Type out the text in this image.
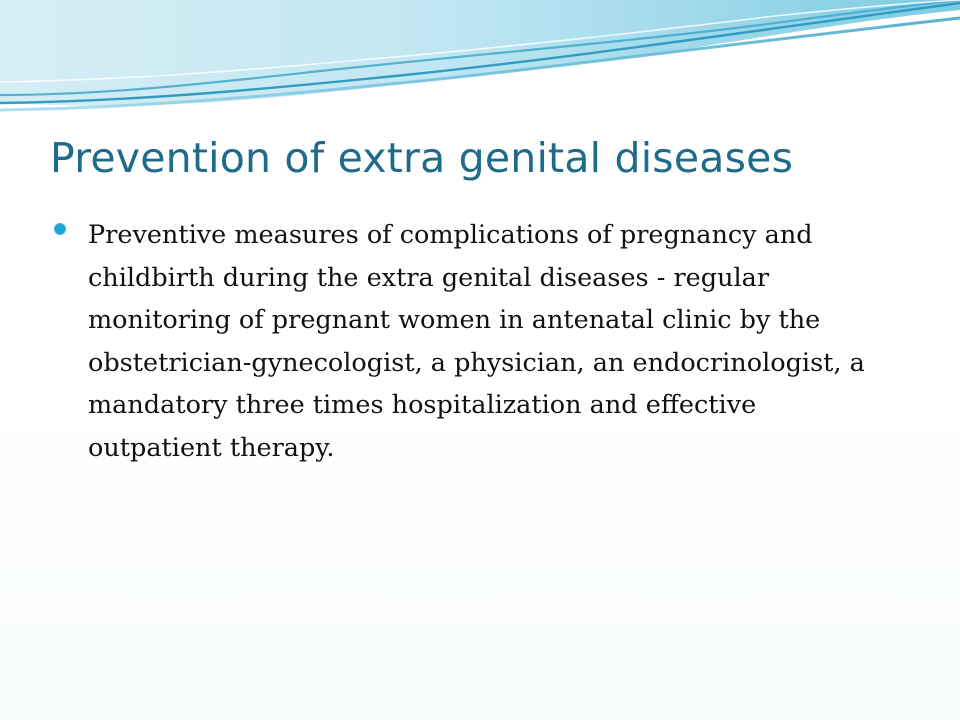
Prevention of extra genital diseases
Preventive measures of complications of pregnancy and childbirth during the extra genital diseases - regular monitoring of pregnant women in antenatal clinic by the obstetrician-gynecologist, a physician, an endocrinologist, a mandatory three times hospitalization and effective outpatient therapy.
